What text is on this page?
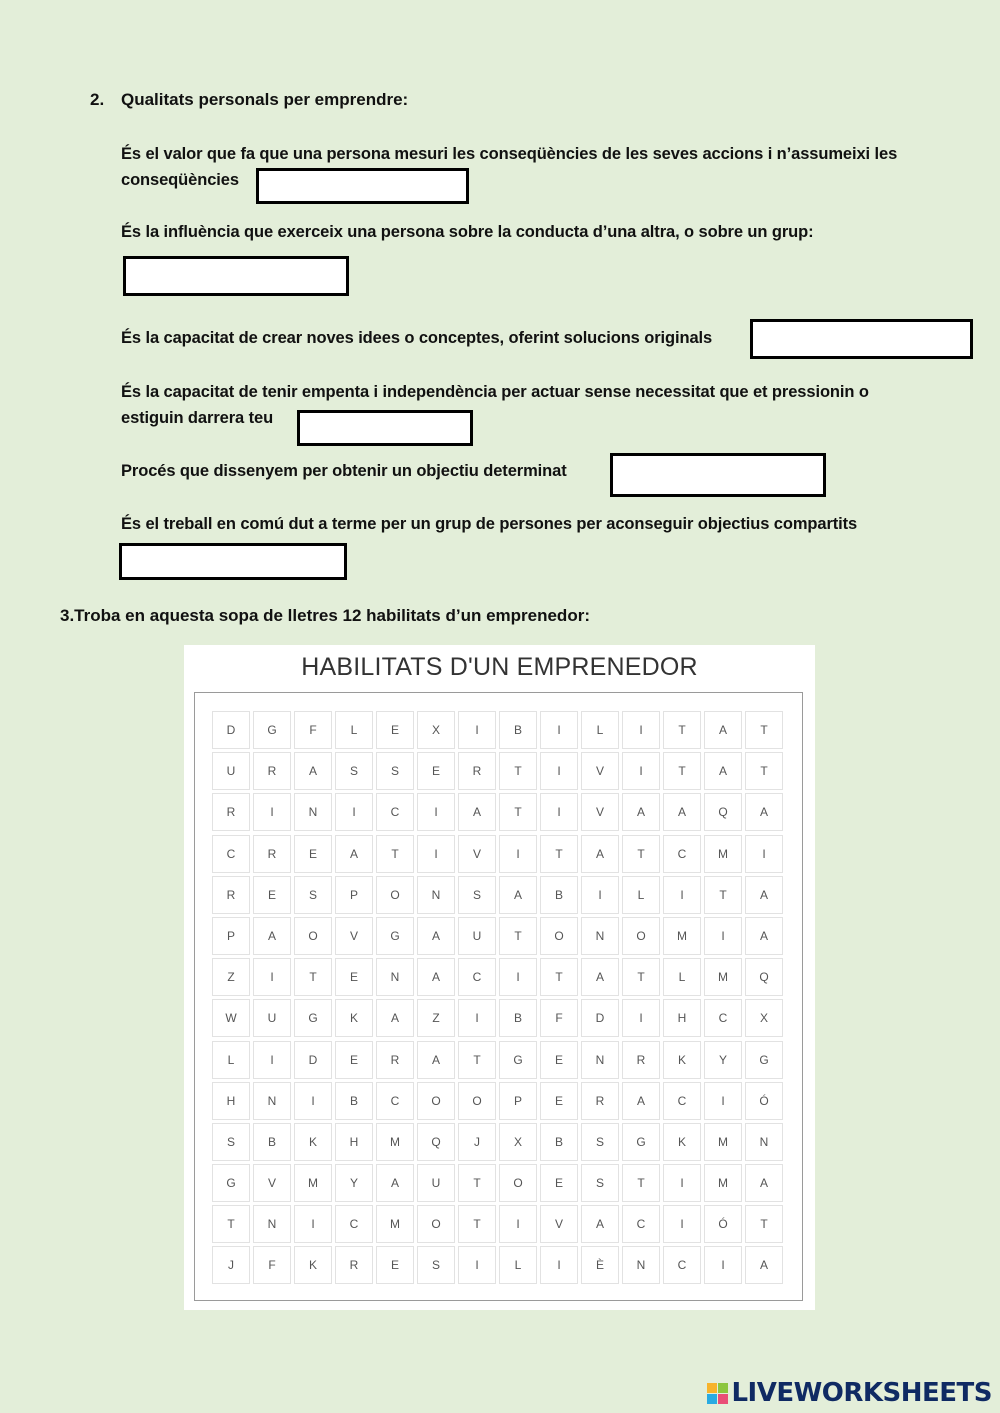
2. Qualitats personals per emprendre:
És el valor que fa que una persona mesuri les conseqüències de les seves accions i n’assumeixi les
conseqüències
És la influència que exerceix una persona sobre la conducta d’una altra, o sobre un grup:
És la capacitat de crear noves idees o conceptes, oferint solucions originals
És la capacitat de tenir empenta i independència per actuar sense necessitat que et pressionin o
estiguin darrera teu
Procés que dissenyem per obtenir un objectiu determinat
És el treball en comú dut a terme per un grup de persones per aconseguir objectius compartits
3.Troba en aquesta sopa de lletres 12 habilitats d’un emprenedor:
HABILITATS D'UN EMPRENEDOR
D	G	F	L	E	X	I	B	I	L	I	T	A	T
U	R	A	S	S	E	R	T	I	V	I	T	A	T
R	I	N	I	C	I	A	T	I	V	A	A	Q	A
C	R	E	A	T	I	V	I	T	A	T	C	M	I
R	E	S	P	O	N	S	A	B	I	L	I	T	A
P	A	O	V	G	A	U	T	O	N	O	M	I	A
Z	I	T	E	N	A	C	I	T	A	T	L	M	Q
W	U	G	K	A	Z	I	B	F	D	I	H	C	X
L	I	D	E	R	A	T	G	E	N	R	K	Y	G
H	N	I	B	C	O	O	P	E	R	A	C	I	Ó
S	B	K	H	M	Q	J	X	B	S	G	K	M	N
G	V	M	Y	A	U	T	O	E	S	T	I	M	A
T	N	I	C	M	O	T	I	V	A	C	I	Ó	T
J	F	K	R	E	S	I	L	I	È	N	C	I	A
LIVEWORKSHEETS
